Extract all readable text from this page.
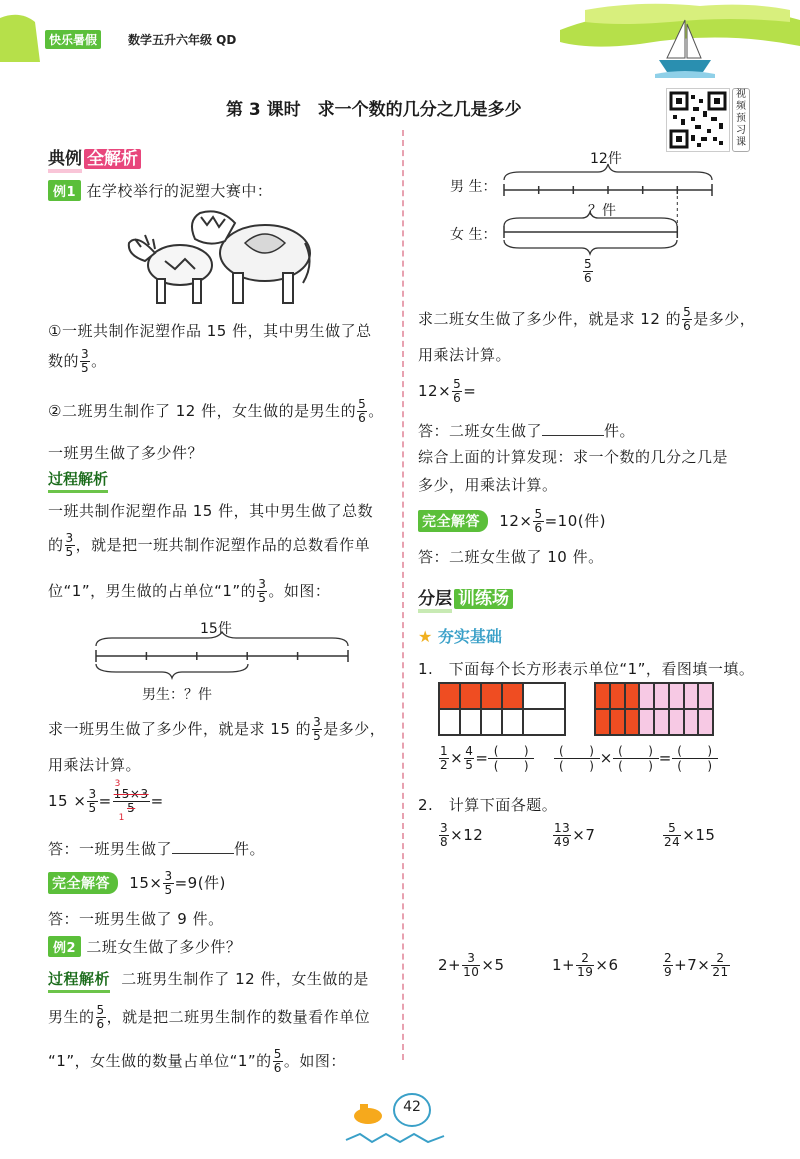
快乐暑假	数学五升六年级 QD
视
频
预
习
课
第 3 课时　求一个数的几分之几是多少
典例 全解析
例1 在学校举行的泥塑大赛中：
①一班共制作泥塑作品 15 件，其中男生做了总
数的 $\frac{3}{5}$ 。
②二班男生制作了 12 件，女生做的是男生的 $\frac{5}{6}$ 。
一班男生做了多少件？
过程解析
一班共制作泥塑作品 15 件，其中男生做了总数
的 $\frac{3}{5}$ ，就是把一班共制作泥塑作品的总数看作单
位“1”，男生做的占单位“1”的 $\frac{3}{5}$ 。如图：
15件
男生：？件
求一班男生做了多少件，就是求 15 的 $\frac{3}{5}$ 是多少，
用乘法计算。
$15 \times \frac{3}{5}$ =
3
15×3
5
1
=
答：一班男生做了	件。
完全解答 $15\times \frac{3}{5} =9$(件)
答：一班男生做了 9 件。
例2 二班女生做了多少件？
过程解析 二班男生制作了 12 件，女生做的是
男生的 $\frac{5}{6}$ ，就是把二班男生制作的数量看作单位
“1”，女生做的数量占单位“1”的 $\frac{5}{6}$ 。如图：
12件
男 生：
女 生：
？件
$\frac{5}{6}$
求二班女生做了多少件，就是求 12 的 $\frac{5}{6}$ 是多少，
用乘法计算。
$12\times \frac{5}{6}$ =
答：二班女生做了	件。
综合上面的计算发现：求一个数的几分之几是
多少，用乘法计算。
完全解答 $12\times \frac{5}{6} =10$(件)
答：二班女生做了 10 件。
分层 训练场
★ 夯实基础
1.　下面每个长方形表示单位“1”，看图填一填。
$\frac{1}{2} \times \frac{4}{5} = \frac{( )}{( )} \frac{( )}{( )}\times \frac{( )}{( )}= \frac{( )}{( )}$
2.　计算下面各题。
$\frac{3}{8} \times 12$	$\frac{13}{49} \times 7$	$\frac{5}{24} \times 15$
$2+ \frac{3}{10} \times 5$	$1+ \frac{2}{19} \times 6$	$\frac{2}{9} +7\times \frac{2}{21}$
42
